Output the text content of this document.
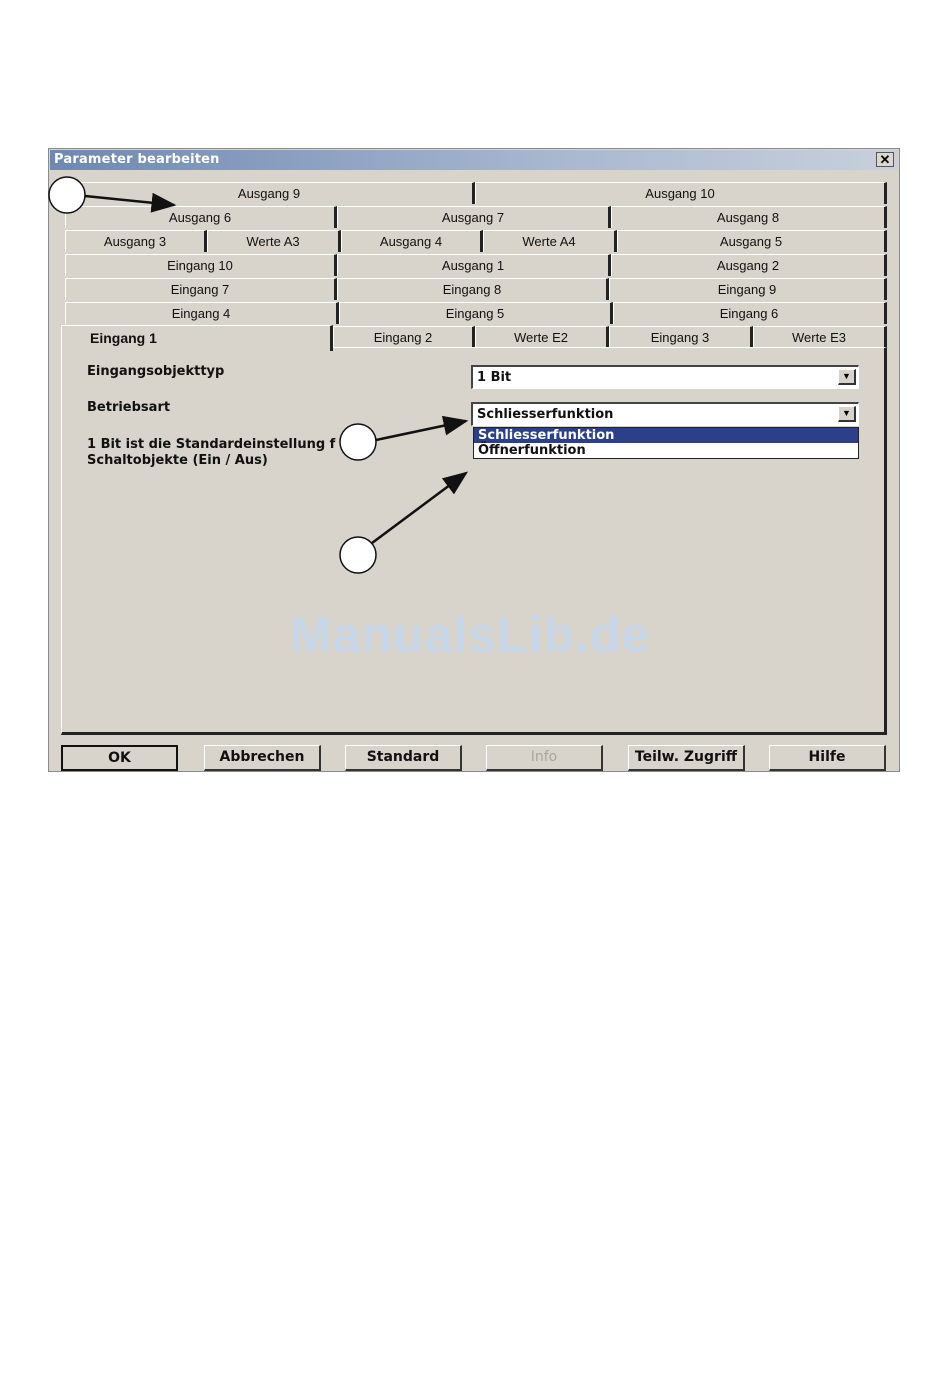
Parameter bearbeiten	✕
Ausgang 9	Ausgang 10
Ausgang 6	Ausgang 7	Ausgang 8
Ausgang 3	Werte A3	Ausgang 4	Werte A4	Ausgang 5
Eingang 10	Ausgang 1	Ausgang 2
Eingang 7	Eingang 8	Eingang 9
Eingang 4	Eingang 5	Eingang 6
Eingang 1	Eingang 2	Werte E2	Eingang 3	Werte E3
Eingangsobjekttyp	1 Bit	▼
Betriebsart	Schliesserfunktion	▼
Schliesserfunktion
Öffnerfunktion
1 Bit ist die Standardeinstellung f
Schaltobjekte (Ein / Aus)
OK	Abbrechen	Standard	Info	Teilw. Zugriff	Hilfe
ManualsLib.de
